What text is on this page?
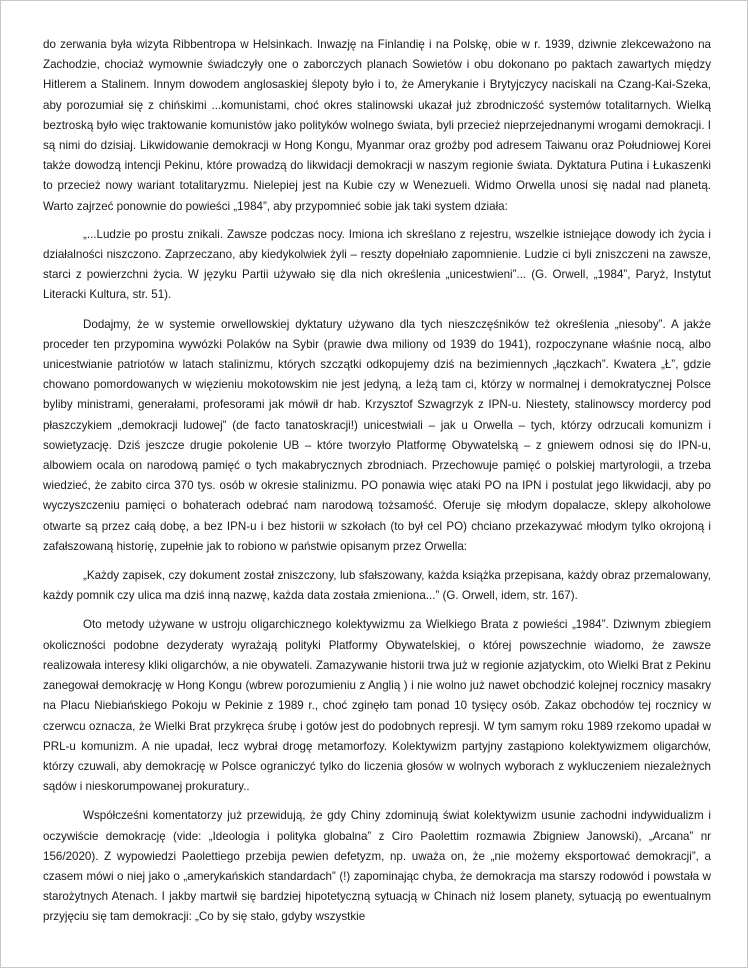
do zerwania była wizyta Ribbentropa w Helsinkach. Inwazję na Finlandię i na Polskę, obie w r. 1939, dziwnie zlekceważono na Zachodzie, chociaż wymownie świadczyły one o zaborczych planach Sowietów i obu dokonano po paktach zawartych między Hitlerem a Stalinem. Innym dowodem anglosaskiej ślepoty było i to, że Amerykanie i Brytyjczycy naciskali na Czang-Kai-Szeka, aby porozumiał się z chińskimi ...komunistami, choć okres stalinowski ukazał już zbrodniczość systemów totalitarnych. Wielką beztroską było więc traktowanie komunistów jako polityków wolnego świata, byli przecież nieprzejednanymi wrogami demokracji. I są nimi do dzisiaj. Likwidowanie demokracji w Hong Kongu, Myanmar oraz groźby pod adresem Taiwanu oraz Południowej Korei także dowodzą intencji Pekinu, które prowadzą do likwidacji demokracji w naszym regionie świata. Dyktatura Putina i Łukaszenki to przecież nowy wariant totalitaryzmu. Nielepiej jest na Kubie czy w Wenezueli. Widmo Orwella unosi się nadal nad planetą. Warto zajrzeć ponownie do powieści „1984”, aby przypomnieć sobie jak taki system działa:

„...Ludzie po prostu znikali. Zawsze podczas nocy. Imiona ich skreślano z rejestru, wszelkie istniejące dowody ich życia i działalności niszczono. Zaprzeczano, aby kiedykolwiek żyli – reszty dopełniało zapomnienie. Ludzie ci byli zniszczeni na zawsze, starci z powierzchni życia. W języku Partii używało się dla nich określenia „unicestwieni”... (G. Orwell, „1984”, Paryż, Instytut Literacki Kultura, str. 51).

Dodajmy, że w systemie orwellowskiej dyktatury używano dla tych nieszczęśników też określenia „niesoby”. A jakże proceder ten przypomina wywózki Polaków na Sybir (prawie dwa miliony od 1939 do 1941), rozpoczynane właśnie nocą, albo unicestwianie patriotów w latach stalinizmu, których szczątki odkopujemy dziś na bezimiennych „łączkach”. Kwatera „Ł”, gdzie chowano pomordowanych w więzieniu mokotowskim nie jest jedyną, a leżą tam ci, którzy w normalnej i demokratycznej Polsce byliby ministrami, generałami, profesorami jak mówił dr hab. Krzysztof Szwagrzyk z IPN-u. Niestety, stalinowscy mordercy pod płaszczykiem „demokracji ludowej” (de facto tanatoskracji!) unicestwiali – jak u Orwella – tych, którzy odrzucali komunizm i sowietyzację. Dziś jeszcze drugie pokolenie UB – które tworzyło Platformę Obywatelską – z gniewem odnosi się do IPN-u, albowiem ocala on narodową pamięć o tych makabrycznych zbrodniach. Przechowuje pamięć o polskiej martyrologii, a trzeba wiedzieć, że zabito circa 370 tys. osób w okresie stalinizmu. PO ponawia więc ataki PO na IPN i postulat jego likwidacji, aby po wyczyszczeniu pamięci o bohaterach odebrać nam narodową tożsamość. Oferuje się młodym dopalacze, sklepy alkoholowe otwarte są przez całą dobę, a bez IPN-u i bez historii w szkołach (to był cel PO) chciano przekazywać młodym tylko okrojoną i zafałszowaną historię, zupełnie jak to robiono w państwie opisanym przez Orwella:

„Każdy zapisek, czy dokument został zniszczony, lub sfałszowany, każda książka przepisana, każdy obraz przemalowany, każdy pomnik czy ulica ma dziś inną nazwę, każda data została zmieniona...” (G. Orwell, idem, str. 167).

Oto metody używane w ustroju oligarchicznego kolektywizmu za Wielkiego Brata z powieści „1984”. Dziwnym zbiegiem okoliczności podobne dezyderaty wyrażają polityki Platformy Obywatelskiej, o której powszechnie wiadomo, że zawsze realizowała interesy kliki oligarchów, a nie obywateli. Zamazywanie historii trwa już w regionie azjatyckim, oto Wielki Brat z Pekinu zanegował demokrację w Hong Kongu (wbrew porozumieniu z Anglią ) i nie wolno już nawet obchodzić kolejnej rocznicy masakry na Placu Niebiańskiego Pokoju w Pekinie z 1989 r., choć zginęło tam ponad 10 tysięcy osób. Zakaz obchodów tej rocznicy w czerwcu oznacza, że Wielki Brat przykręca śrubę i gotów jest do podobnych represji. W tym samym roku 1989 rzekomo upadał w PRL-u komunizm. A nie upadał, lecz wybrał drogę metamorfozy. Kolektywizm partyjny zastąpiono kolektywizmem oligarchów, którzy czuwali, aby demokrację w Polsce ograniczyć tylko do liczenia głosów w wolnych wyborach z wykluczeniem niezależnych sądów i nieskorumpowanej prokuratury..

Współcześni komentatorzy już przewidują, że gdy Chiny zdominują świat kolektywizm usunie zachodni indywidualizm i oczywiście demokrację (vide: „Ideologia i polityka globalna” z Ciro Paolettim rozmawia Zbigniew Janowski), „Arcana” nr 156/2020). Z wypowiedzi Paolettiego przebija pewien defetyzm, np. uważa on, że „nie możemy eksportować demokracji”, a czasem mówi o niej jako o „amerykańskich standardach” (!) zapominając chyba, że demokracja ma starszy rodowód i powstała w starożytnych Atenach. I jakby martwił się bardziej hipotetyczną sytuacją w Chinach niż losem planety, sytuacją po ewentualnym przyjęciu się tam demokracji: „Co by się stało, gdyby wszystkie
